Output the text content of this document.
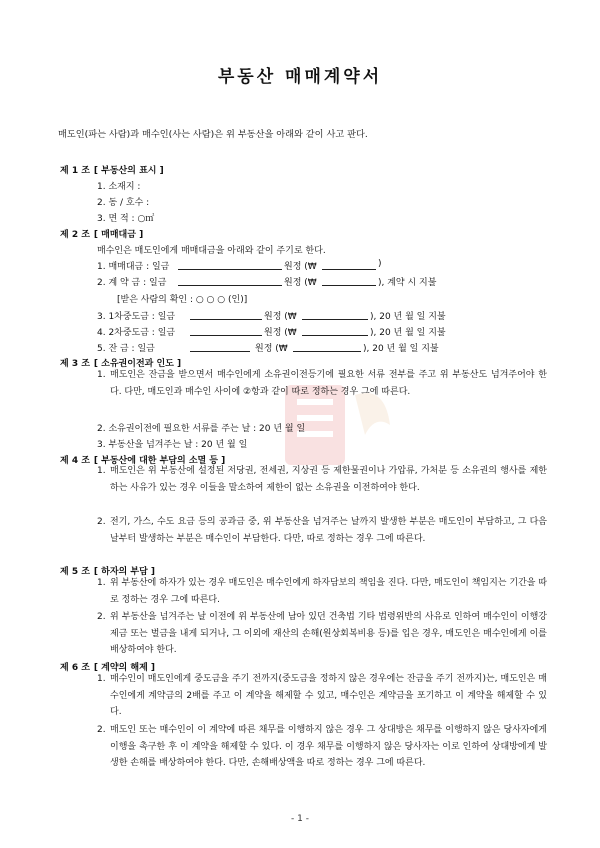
부동산 매매계약서
매도인(파는 사람)과 매수인(사는 사람)은 위 부동산을 아래와 같이 사고 판다.
제 1 조 [ 부동산의 표시 ]
1. 소재지 :
2. 동 / 호수 :
3. 면 적 : ○㎡
제 2 조 [ 매매대금 ]
매수인은 매도인에게 매매대금을 아래와 같이 주기로 한다.
1. 매매대금 : 일금	원정 (₩	)
2. 계 약 금 : 일금	원정 (₩	), 계약 시 지불
[받은 사람의 확인 : ○ ○ ○ (인)]
3. 1차중도금 : 일금	원정 (₩	), 20 년 월 일 지불
4. 2차중도금 : 일금	원정 (₩	), 20 년 월 일 지불
5. 잔 금 : 일금	원정 (₩	), 20 년 월 일 지불
제 3 조 [ 소유권이전과 인도 ]
1. 매도인은 잔금을 받으면서 매수인에게 소유권이전등기에 필요한 서류 전부를 주고 위 부동산도 넘겨주어야 한다. 다만, 매도인과 매수인 사이에 ②항과 같이 따로 정하는 경우 그에 따른다.
2. 소유권이전에 필요한 서류를 주는 날 : 20 년 월 일
3. 부동산을 넘겨주는 날 : 20 년 월 일
제 4 조 [ 부동산에 대한 부담의 소멸 등 ]
1. 매도인은 위 부동산에 설정된 저당권, 전세권, 지상권 등 제한물권이나 가압류, 가처분 등 소유권의 행사를 제한하는 사유가 있는 경우 이들을 말소하여 제한이 없는 소유권을 이전하여야 한다.
2. 전기, 가스, 수도 요금 등의 공과금 중, 위 부동산을 넘겨주는 날까지 발생한 부분은 매도인이 부담하고, 그 다음 날부터 발생하는 부분은 매수인이 부담한다. 다만, 따로 정하는 경우 그에 따른다.
제 5 조 [ 하자의 부담 ]
1. 위 부동산에 하자가 있는 경우 매도인은 매수인에게 하자담보의 책임을 진다. 다만, 매도인이 책임지는 기간을 따로 정하는 경우 그에 따른다.
2. 위 부동산을 넘겨주는 날 이전에 위 부동산에 남아 있던 건축법 기타 법령위반의 사유로 인하여 매수인이 이행강제금 또는 벌금을 내게 되거나, 그 이외에 재산의 손해(원상회복비용 등)를 입은 경우, 매도인은 매수인에게 이를 배상하여야 한다.
제 6 조 [ 계약의 해제 ]
1. 매수인이 매도인에게 중도금을 주기 전까지(중도금을 정하지 않은 경우에는 잔금을 주기 전까지)는, 매도인은 매수인에게 계약금의 2배를 주고 이 계약을 해제할 수 있고, 매수인은 계약금을 포기하고 이 계약을 해제할 수 있다.
2. 매도인 또는 매수인이 이 계약에 따른 채무를 이행하지 않은 경우 그 상대방은 채무를 이행하지 않은 당사자에게 이행을 촉구한 후 이 계약을 해제할 수 있다. 이 경우 채무를 이행하지 않은 당사자는 이로 인하여 상대방에게 발생한 손해를 배상하여야 한다. 다만, 손해배상액을 따로 정하는 경우 그에 따른다.
- 1 -
